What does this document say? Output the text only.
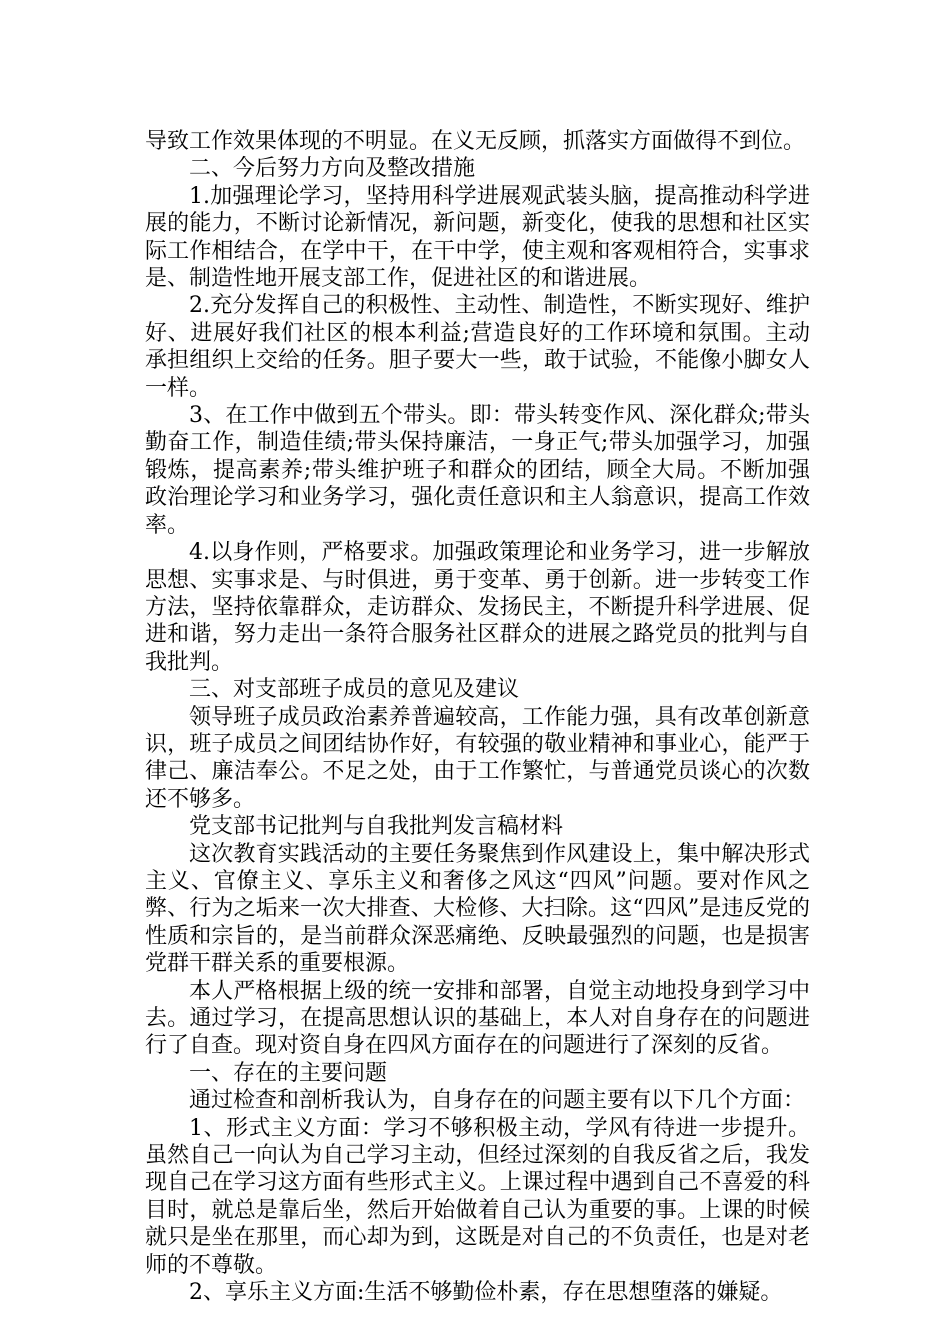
导致工作效果体现的不明显。在义无反顾，抓落实方面做得不到位。

二、今后努力方向及整改措施

1.加强理论学习，坚持用科学进展观武装头脑，提高推动科学进展的能力，不断讨论新情况，新问题，新变化，使我的思想和社区实际工作相结合，在学中干，在干中学，使主观和客观相符合，实事求是、制造性地开展支部工作，促进社区的和谐进展。

2.充分发挥自己的积极性、主动性、制造性，不断实现好、维护好、进展好我们社区的根本利益;营造良好的工作环境和氛围。主动承担组织上交给的任务。胆子要大一些，敢于试验，不能像小脚女人一样。

3、在工作中做到五个带头。即：带头转变作风、深化群众;带头勤奋工作，制造佳绩;带头保持廉洁，一身正气;带头加强学习，加强锻炼，提高素养;带头维护班子和群众的团结，顾全大局。不断加强政治理论学习和业务学习，强化责任意识和主人翁意识，提高工作效率。

4.以身作则，严格要求。加强政策理论和业务学习，进一步解放思想、实事求是、与时俱进，勇于变革、勇于创新。进一步转变工作方法，坚持依靠群众，走访群众、发扬民主，不断提升科学进展、促进和谐，努力走出一条符合服务社区群众的进展之路党员的批判与自我批判。

三、对支部班子成员的意见及建议

领导班子成员政治素养普遍较高，工作能力强，具有改革创新意识，班子成员之间团结协作好，有较强的敬业精神和事业心，能严于律己、廉洁奉公。不足之处，由于工作繁忙，与普通党员谈心的次数还不够多。

党支部书记批判与自我批判发言稿材料

这次教育实践活动的主要任务聚焦到作风建设上，集中解决形式主义、官僚主义、享乐主义和奢侈之风这“四风”问题。要对作风之弊、行为之垢来一次大排查、大检修、大扫除。这“四风”是违反党的性质和宗旨的，是当前群众深恶痛绝、反映最强烈的问题，也是损害党群干群关系的重要根源。

本人严格根据上级的统一安排和部署，自觉主动地投身到学习中去。通过学习，在提高思想认识的基础上，本人对自身存在的问题进行了自查。现对资自身在四风方面存在的问题进行了深刻的反省。

一、存在的主要问题

通过检查和剖析我认为，自身存在的问题主要有以下几个方面：

1、形式主义方面：学习不够积极主动，学风有待进一步提升。虽然自己一向认为自己学习主动，但经过深刻的自我反省之后，我发现自己在学习这方面有些形式主义。上课过程中遇到自己不喜爱的科目时，就总是靠后坐，然后开始做着自己认为重要的事。上课的时候就只是坐在那里，而心却为到，这既是对自己的不负责任，也是对老师的不尊敬。

2、享乐主义方面:生活不够勤俭朴素，存在思想堕落的嫌疑。
